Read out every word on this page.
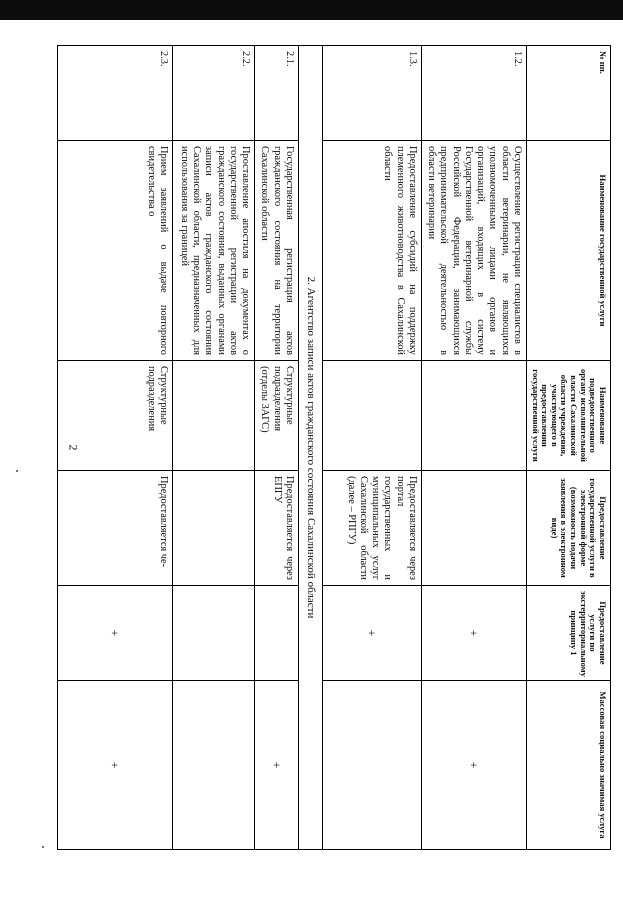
2
№ пп.	Наименование государственной услуги	Наименование подведомственного органу исполнительной власти Сахалинской области учреждения, участвующего в предоставлении государственной услуги	Предоставление государственной услуги в электронной форме (возможность подачи заявления в электронном виде)	Предоставление услуги по экстерриториальному принципу 1	Массовая социально значимая услуга
1.2.	Осуществление регистрации специалистов в области ветеринарии, не являющихся уполномоченными лицами органов и организаций, входящих в систему Государственной ветеринарной службы Российской Федерации, занимающихся предпринимательской деятельностью в области ветеринарии			+	+
1.3.	Предоставление субсидий на поддержку племенного животноводства в Сахалинской области		Предоставляется через портал государственных и муниципальных услуг Сахалинской области (далее – РПГУ)	+	
2. Агентство записи актов гражданского состояния Сахалинской области					
2.1.	Государственная регистрация актов гражданского состояния на территории Сахалинской области	Структурные подразделения (отделы ЗАГС)	Предоставляется через ЕПГУ		+
2.2.	Проставление апостиля на документах о государственной регистрации актов гражданского состояния, выданных органами записи актов гражданского состояния Сахалинской области, предназначенных для использования за границей				
2.3.	Прием заявлений о выдаче повторного свидетельства о	Структурные подразделения	Предоставляется че-	+	+
